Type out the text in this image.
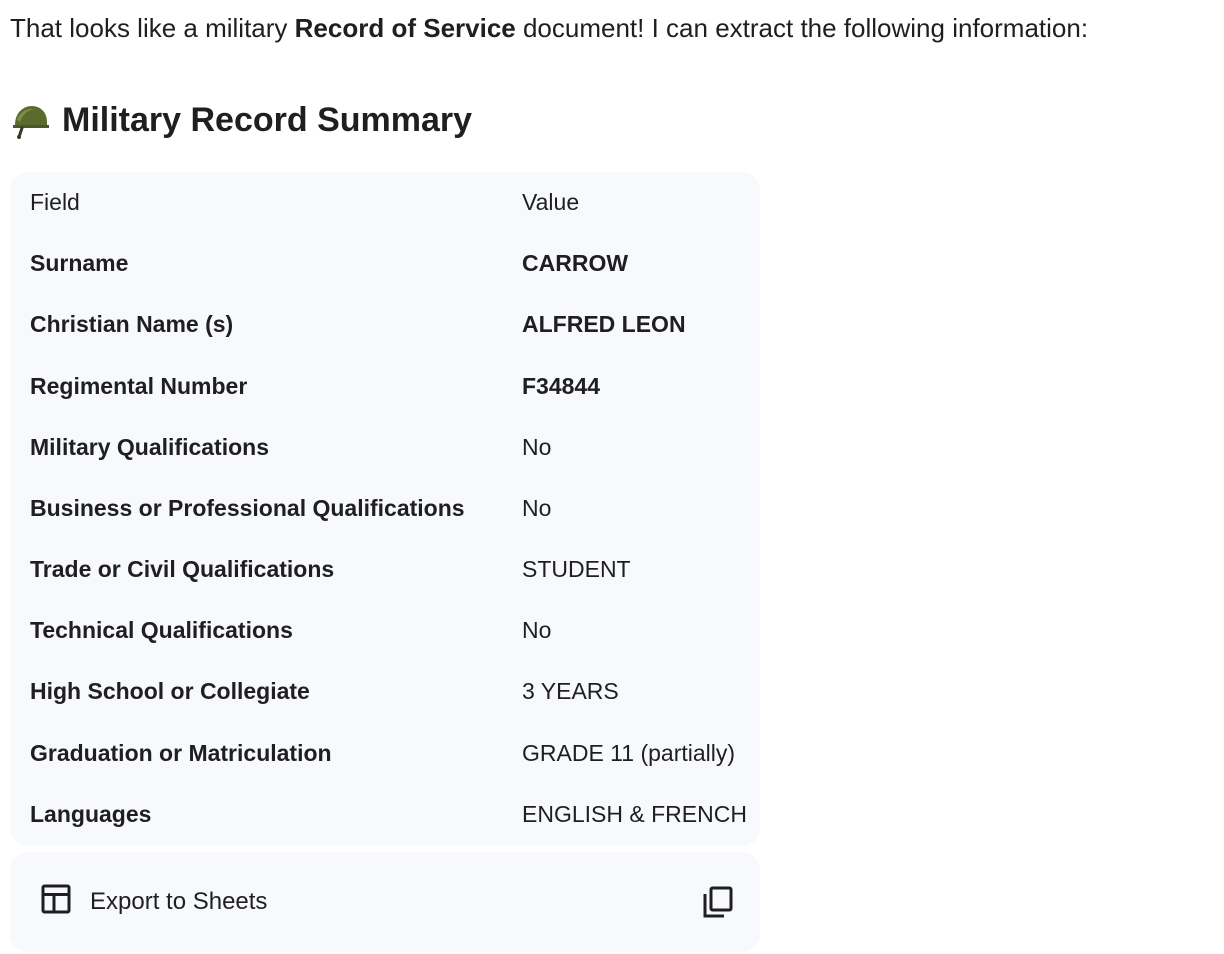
That looks like a military Record of Service document! I can extract the following information:
Military Record Summary
Field	Value
Surname	CARROW
Christian Name (s)	ALFRED LEON
Regimental Number	F34844
Military Qualifications	No
Business or Professional Qualifications No
Trade or Civil Qualifications	STUDENT
Technical Qualifications	No
High School or Collegiate	3 YEARS
Graduation or Matriculation	GRADE 11 (partially)
Languages	ENGLISH & FRENCH
Export to Sheets
